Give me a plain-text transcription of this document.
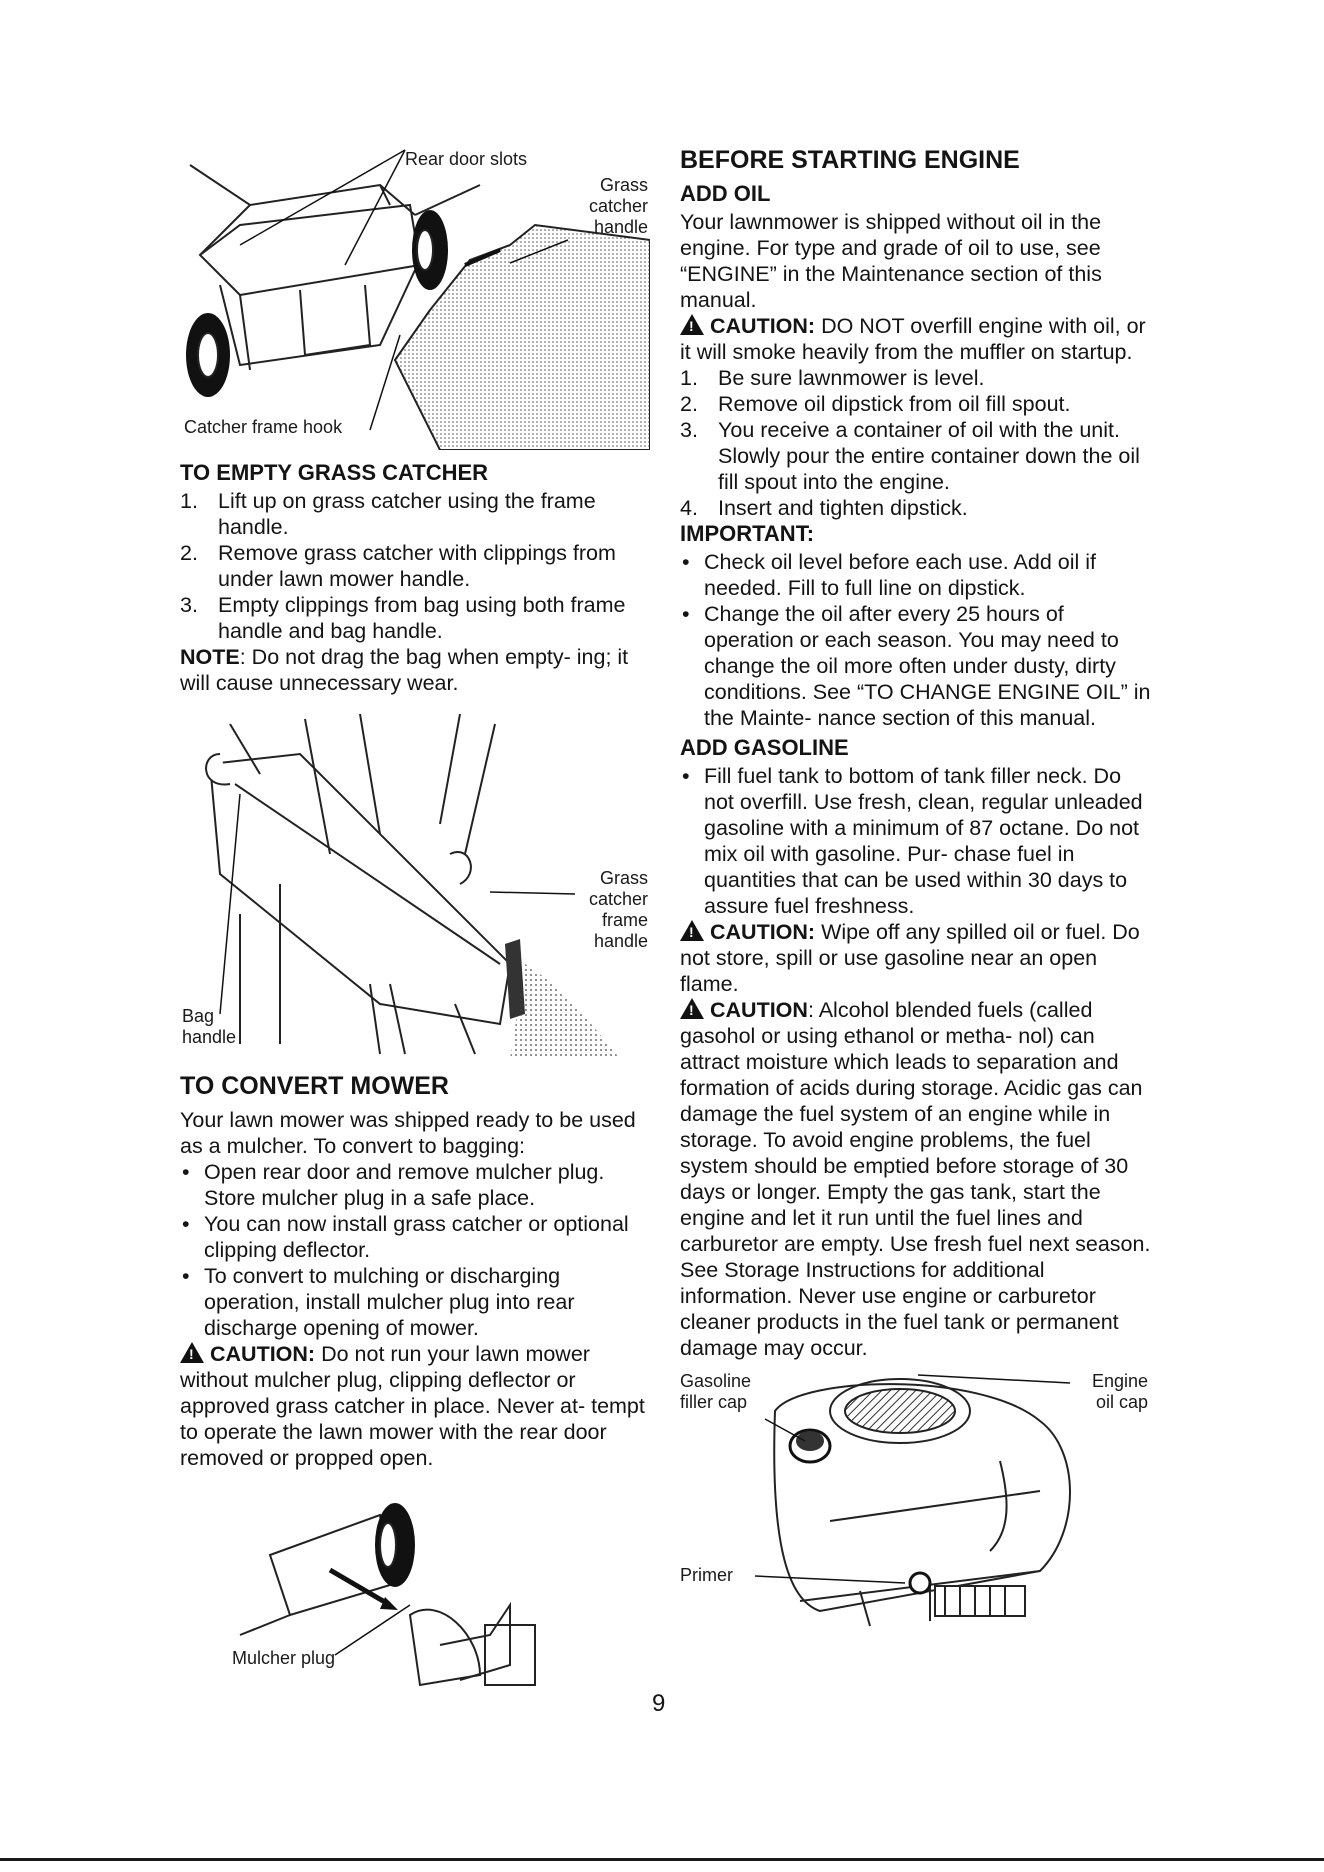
Rear door slots
Grass
catcher
handle
Catcher frame hook
TO EMPTY GRASS CATCHER
1. Lift up on grass catcher using the frame handle.
2. Remove grass catcher with clippings from under lawn mower handle.
3. Empty clippings from bag using both frame handle and bag handle.

NOTE: Do not drag the bag when empty- ing; it will cause unnecessary wear.

Grass
catcher
frame
handle
Bag
handle
TO CONVERT MOWER

Your lawn mower was shipped ready to be used as a mulcher. To convert to bagging:

• Open rear door and remove mulcher plug. Store mulcher plug in a safe place.
• You can now install grass catcher or optional clipping deflector.
• To convert to mulching or discharging operation, install mulcher plug into rear discharge opening of mower.

! CAUTION: Do not run your lawn mower without mulcher plug, clipping deflector or approved grass catcher in place. Never at- tempt to operate the lawn mower with the rear door removed or propped open.

Mulcher plug
BEFORE STARTING ENGINE
ADD OIL

Your lawnmower is shipped without oil in the engine. For type and grade of oil to use, see “ENGINE” in the Maintenance section of this manual.

! CAUTION: DO NOT overfill engine with oil, or it will smoke heavily from the muffler on startup.

1. Be sure lawnmower is level.
2. Remove oil dipstick from oil fill spout.
3. You receive a container of oil with the unit. Slowly pour the entire container down the oil fill spout into the engine.
4. Insert and tighten dipstick.
IMPORTANT:
• Check oil level before each use. Add oil if needed. Fill to full line on dipstick.
• Change the oil after every 25 hours of operation or each season. You may need to change the oil more often under dusty, dirty conditions. See “TO CHANGE ENGINE OIL” in the Mainte- nance section of this manual.
ADD GASOLINE
• Fill fuel tank to bottom of tank filler neck. Do not overfill. Use fresh, clean, regular unleaded gasoline with a minimum of 87 octane. Do not mix oil with gasoline. Pur- chase fuel in quantities that can be used within 30 days to assure fuel freshness.

! CAUTION: Wipe off any spilled oil or fuel. Do not store, spill or use gasoline near an open flame.

! CAUTION: Alcohol blended fuels (called gasohol or using ethanol or metha- nol) can attract moisture which leads to separation and formation of acids during storage. Acidic gas can damage the fuel system of an engine while in storage. To avoid engine problems, the fuel system should be emptied before storage of 30 days or longer. Empty the gas tank, start the engine and let it run until the fuel lines and carburetor are empty. Use fresh fuel next season. See Storage Instructions for additional information. Never use engine or carburetor cleaner products in the fuel tank or permanent damage may occur.

Gasoline
filler cap
Engine
oil cap
Primer
9
